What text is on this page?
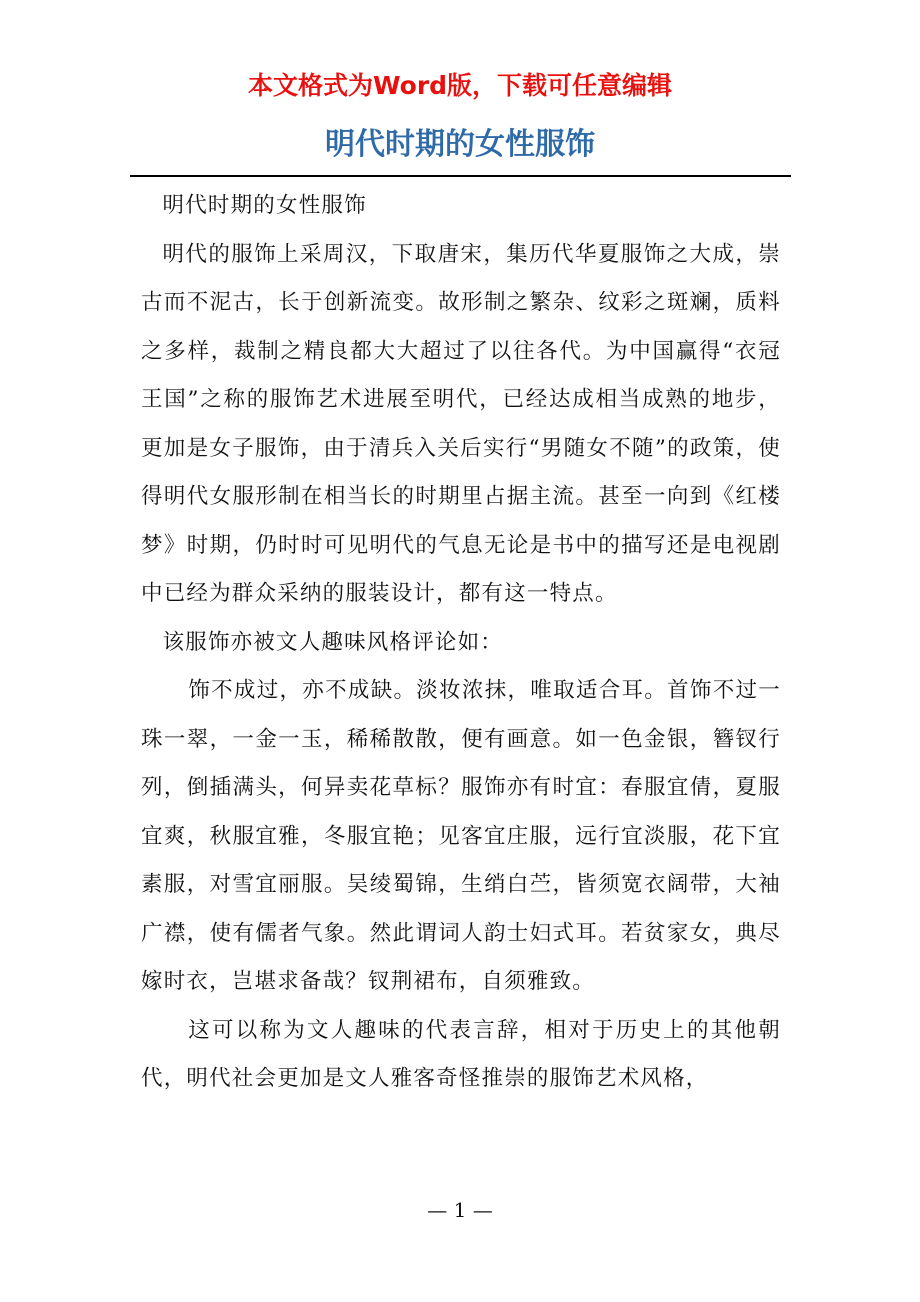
本文格式为Word版，下载可任意编辑
明代时期的女性服饰

明代时期的女性服饰

明代的服饰上采周汉，下取唐宋，集历代华夏服饰之大成，崇古而不泥古，长于创新流变。故形制之繁杂、纹彩之斑斓，质料之多样，裁制之精良都大大超过了以往各代。为中国赢得“衣冠王国”之称的服饰艺术进展至明代，已经达成相当成熟的地步，更加是女子服饰，由于清兵入关后实行“男随女不随”的政策，使得明代女服形制在相当长的时期里占据主流。甚至一向到《红楼梦》时期，仍时时可见明代的气息无论是书中的描写还是电视剧中已经为群众采纳的服装设计，都有这一特点。

该服饰亦被文人趣味风格评论如：

饰不成过，亦不成缺。淡妆浓抹，唯取适合耳。首饰不过一珠一翠，一金一玉，稀稀散散，便有画意。如一色金银，簪钗行列，倒插满头，何异卖花草标？服饰亦有时宜：春服宜倩，夏服宜爽，秋服宜雅，冬服宜艳；见客宜庄服，远行宜淡服，花下宜素服，对雪宜丽服。吴绫蜀锦，生绡白苎，皆须宽衣阔带，大袖广襟，使有儒者气象。然此谓词人韵士妇式耳。若贫家女，典尽嫁时衣，岂堪求备哉？钗荆裙布，自须雅致。

这可以称为文人趣味的代表言辞，相对于历史上的其他朝代，明代社会更加是文人雅客奇怪推崇的服饰艺术风格，

— 1 —
